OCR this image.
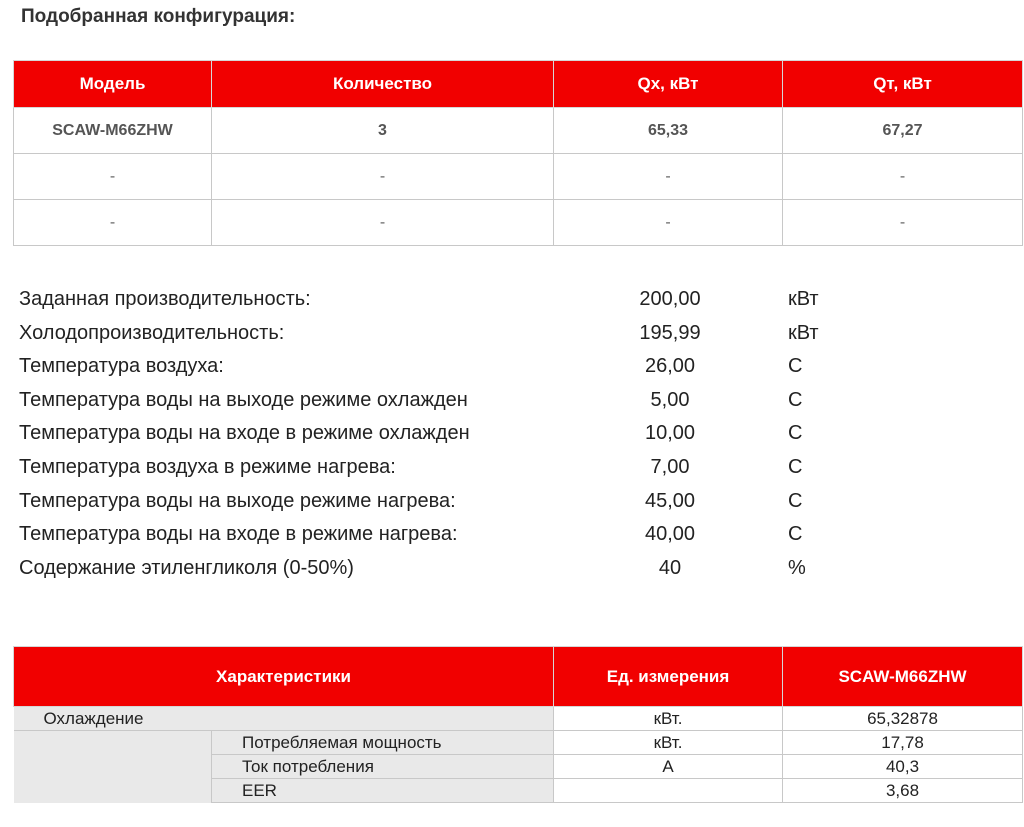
Подобранная конфигурация:
Модель	Количество	Qх, кВт	Qт, кВт
SCAW-M66ZHW	3	65,33	67,27
-	-	-	-
-	-	-	-
Заданная производительность:	200,00	кВт
Холодопроизводительность:	195,99	кВт
Температура воздуха:	26,00	C
Температура воды на выходе режиме охлажден	5,00	C
Температура воды на входе в режиме охлажден	10,00	C
Температура воздуха в режиме нагрева:	7,00	C
Температура воды на выходе режиме нагрева:	45,00	C
Температура воды на входе в режиме нагрева:	40,00	C
Содержание этиленгликоля (0-50%)	40	%
Характеристики		Ед. измерения	SCAW-M66ZHW
Охлаждение		кВт.	65,32878
	Потребляемая мощность	кВт.	17,78
	Ток потребления	A	40,3
	EER		3,68
